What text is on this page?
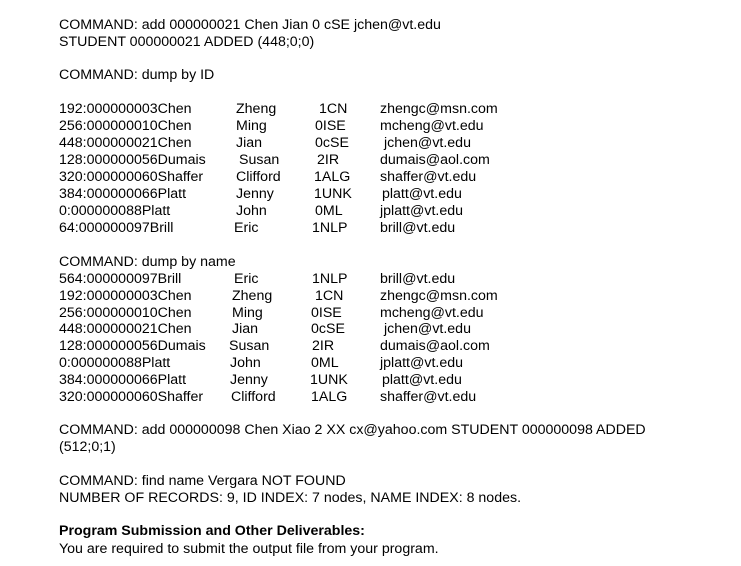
COMMAND: add 000000021 Chen Jian 0 cSE jchen@vt.edu
STUDENT 000000021 ADDED (448;0;0)
COMMAND: dump by ID
192:000000003Chen	Zheng	1CN zhengc@msn.com
256:000000010Chen	Ming	0ISE mcheng@vt.edu
448:000000021Chen	Jian	0cSE jchen@vt.edu
128:000000056Dumais Susan	2IR	dumais@aol.com
320:000000060Shaffer Clifford 1ALG shaffer@vt.edu
384:000000066Platt	Jenny	1UNK platt@vt.edu
0:000000088Platt	John	0ML	jplatt@vt.edu
64:000000097Brill	Eric	1NLP brill@vt.edu
COMMAND: dump by name
564:000000097Brill	Eric	1NLP brill@vt.edu
192:000000003Chen	Zheng	1CN	zhengc@msn.com
256:000000010Chen	Ming	0ISE	mcheng@vt.edu
448:000000021Chen	Jian	0cSE	jchen@vt.edu
128:000000056Dumais Susan	2IR	dumais@aol.com
0:000000088Platt	John	0ML	jplatt@vt.edu
384:000000066Platt	Jenny	1UNK platt@vt.edu
320:000000060Shaffer Clifford 1ALG shaffer@vt.edu
COMMAND: add 000000098 Chen Xiao 2 XX cx@yahoo.com STUDENT 000000098 ADDED (512;0;1)
COMMAND: find name Vergara NOT FOUND
NUMBER OF RECORDS: 9, ID INDEX: 7 nodes, NAME INDEX: 8 nodes.
Program Submission and Other Deliverables:
You are required to submit the output file from your program.
